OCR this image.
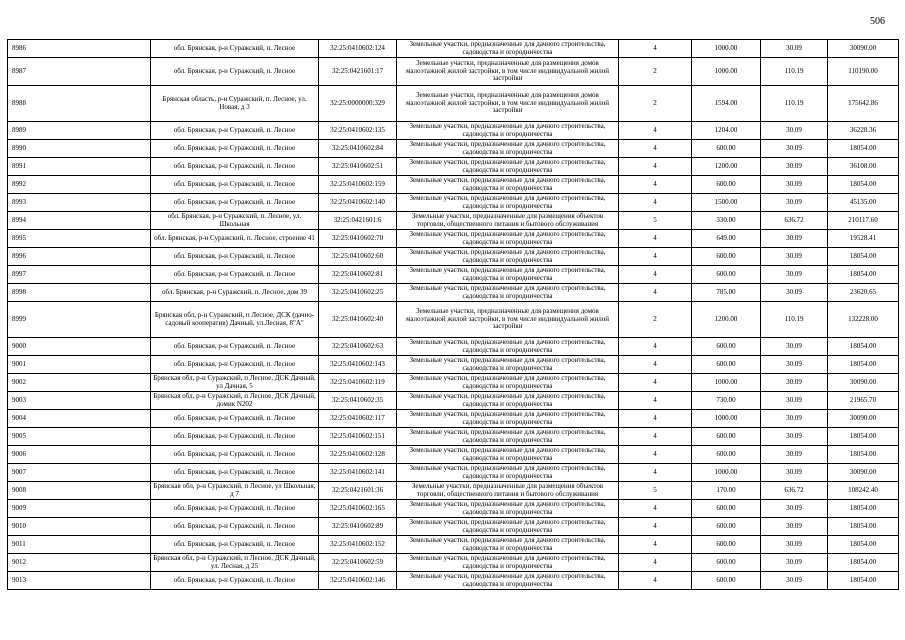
506
8986	обл. Брянская, р-н Суражский, п. Лесное	32:25:0410602:124	Земельные участки, предназначенные для дачного строительства, садоводства и огородничества	4	1000.00	30.09	30090.00
8987	обл. Брянская, р-н Суражский, п. Лесное	32:25:0421601:17	Земельные участки, предназначенные для размещения домов малоэтажной жилой застройки, в том числе индивидуальной жилой застройки	2	1000.00	110.19	110190.00
8988	Брянская область, р-н Суражский, п. Лесное, ул. Новая, д 3	32:25:0000000:329	Земельные участки, предназначенные для размещения домов малоэтажной жилой застройки, в том числе индивидуальной жилой застройки	2	1594.00	110.19	175642.86
8989	обл. Брянская, р-н Суражский, п. Лесное	32:25:0410602:135	Земельные участки, предназначенные для дачного строительства, садоводства и огородничества	4	1204.00	30.09	36228.36
8990	обл. Брянская, р-н Суражский, п. Лесное	32:25:0410602:84	Земельные участки, предназначенные для дачного строительства, садоводства и огородничества	4	600.00	30.09	18054.00
8991	обл. Брянская, р-н Суражский, п. Лесное	32:25:0410602:51	Земельные участки, предназначенные для дачного строительства, садоводства и огородничества	4	1200.00	30.09	36108.00
8992	обл. Брянская, р-н Суражский, п. Лесное	32:25:0410602:159	Земельные участки, предназначенные для дачного строительства, садоводства и огородничества	4	600.00	30.09	18054.00
8993	обл. Брянская, р-н Суражский, п. Лесное	32:25:0410602:140	Земельные участки, предназначенные для дачного строительства, садоводства и огородничества	4	1500.00	30.09	45135.00
8994	обл. Брянская, р-н Суражский, п. Лесное, ул. Школьная	32:25:0421601:6	Земельные участки, предназначенные для размещения объектов торговли, общественного питания и бытового обслуживания	5	330.00	636.72	210117.60
8995	обл. Брянская, р-н Суражский, п. Лесное, строение 41	32:25:0410602:70	Земельные участки, предназначенные для дачного строительства, садоводства и огородничества	4	649.00	30.09	19528.41
8996	обл. Брянская, р-н Суражский, п. Лесное	32:25:0410602:60	Земельные участки, предназначенные для дачного строительства, садоводства и огородничества	4	600.00	30.09	18054.00
8997	обл. Брянская, р-н Суражский, п. Лесное	32:25:0410602:81	Земельные участки, предназначенные для дачного строительства, садоводства и огородничества	4	600.00	30.09	18054.00
8998	обл. Брянская, р-н Суражский, п. Лесное, дом 39	32:25:0410602:25	Земельные участки, предназначенные для дачного строительства, садоводства и огородничества	4	785.00	30.09	23620.65
8999	Брянская обл, р-н Суражский, п Лесное, ДСК (дачно-садовый кооператив) Дачный, ул.Лесная, 8"А"	32:25:0410602:40	Земельные участки, предназначенные для размещения домов малоэтажной жилой застройки, в том числе индивидуальной жилой застройки	2	1200.00	110.19	132228.00
9000	обл. Брянская, р-н Суражский, п. Лесное	32:25:0410602:63	Земельные участки, предназначенные для дачного строительства, садоводства и огородничества	4	600.00	30.09	18054.00
9001	обл. Брянская, р-н Суражский, п. Лесное	32:25:0410602:143	Земельные участки, предназначенные для дачного строительства, садоводства и огородничества	4	600.00	30.09	18054.00
9002	Брянская обл, р-н Суражский, п Лесное, ДСК Дачный, ул Дачная, 5	32:25:0410602:119	Земельные участки, предназначенные для дачного строительства, садоводства и огородничества	4	1000.00	30.09	30090.00
9003	Брянская обл, р-н Суражский, п Лесное, ДСК Дачный, домик N202	32:25:0410602:35	Земельные участки, предназначенные для дачного строительства, садоводства и огородничества	4	730.00	30.09	21965.70
9004	обл. Брянская, р-н Суражский, п. Лесное	32:25:0410602:117	Земельные участки, предназначенные для дачного строительства, садоводства и огородничества	4	1000.00	30.09	30090.00
9005	обл. Брянская, р-н Суражский, п. Лесное	32:25:0410602:151	Земельные участки, предназначенные для дачного строительства, садоводства и огородничества	4	600.00	30.09	18054.00
9006	обл. Брянская, р-н Суражский, п. Лесное	32:25:0410602:128	Земельные участки, предназначенные для дачного строительства, садоводства и огородничества	4	600.00	30.09	18054.00
9007	обл. Брянская, р-н Суражский, п. Лесное	32:25:0410602:141	Земельные участки, предназначенные для дачного строительства, садоводства и огородничества	4	1000.00	30.09	30090.00
9008	Брянская обл, р-н Суражский, п Лесное, ул Школьная, д 7	32:25:0421601:36	Земельные участки, предназначенные для размещения объектов торговли, общественного питания и бытового обслуживания	5	170.00	636.72	108242.40
9009	обл. Брянская, р-н Суражский, п. Лесное	32:25:0410602:165	Земельные участки, предназначенные для дачного строительства, садоводства и огородничества	4	600.00	30.09	18054.00
9010	обл. Брянская, р-н Суражский, п. Лесное	32:25:0410602:89	Земельные участки, предназначенные для дачного строительства, садоводства и огородничества	4	600.00	30.09	18054.00
9011	обл. Брянская, р-н Суражский, п. Лесное	32:25:0410602:152	Земельные участки, предназначенные для дачного строительства, садоводства и огородничества	4	600.00	30.09	18054.00
9012	Брянская обл, р-н Суражский, п Лесное, ДСК Дачный, ул. Лесная, д 25	32:25:0410602:59	Земельные участки, предназначенные для дачного строительства, садоводства и огородничества	4	600.00	30.09	18054.00
9013	обл. Брянская, р-н Суражский, п. Лесное	32:25:0410602:146	Земельные участки, предназначенные для дачного строительства, садоводства и огородничества	4	600.00	30.09	18054.00
